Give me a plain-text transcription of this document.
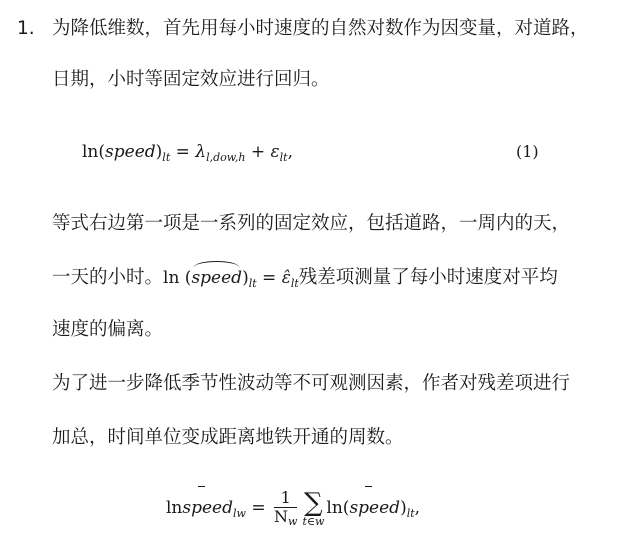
1. 为降低维数，首先用每小时速度的自然对数作为因变量，对道路，
日期，小时等固定效应进行回归。
$\ln(speed)_{lt} = \lambda_{l,dow,h} + \varepsilon_{lt}$,	(1)
等式右边第一项是一系列的固定效应，包括道路，一周内的天，
一天的小时。$\ln (speed)_{lt}$ = $\varepsilon̂_{lt}$残差项测量了每小时速度对平均
速度的偏离。
为了进一步降低季节性波动等不可观测因素，作者对残差项进行
加总，时间单位变成距离地铁开通的周数。
lnspeed$_{lw}$ = $\frac{1}{Nw}$ ∑
t∈w
$\ln(speed)_{lt}$,
